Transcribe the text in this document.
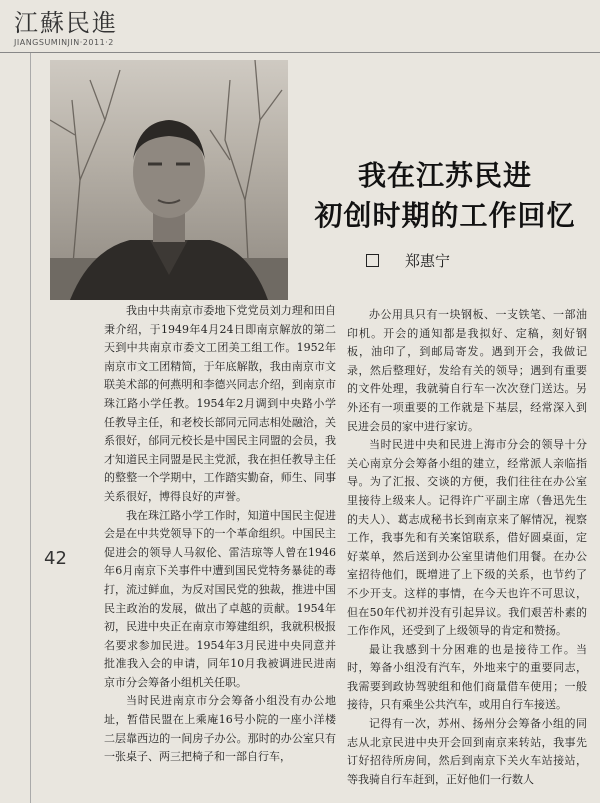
江蘇民進
JIANGSUMINJIN·2011·2
我在江苏民进
初创时期的工作回忆
郑惠宁

我由中共南京市委地下党党员刘力理和田自秉介绍，于1949年4月24日即南京解放的第二天到中共南京市委文工团美工组工作。1952年南京市文工团精简，于年底解散，我由南京市文联美术部的何燕明和李德兴同志介绍，到南京市珠江路小学任教。1954年2月调到中央路小学任教导主任，和老校长部同元同志相处融洽，关系很好，邰同元校长是中国民主同盟的会员，我才知道民主同盟是民主党派，我在担任教导主任的整整一个学期中，工作踏实勤奋，师生、同事关系很好，博得良好的声誉。

我在珠江路小学工作时，知道中国民主促进会是在中共党领导下的一个革命组织。中国民主促进会的领导人马叙伦、雷洁琼等人曾在1946年6月南京下关事件中遭到国民党特务暴徒的毒打，流过鲜血，为反对国民党的独裁，推进中国民主政治的发展，做出了卓越的贡献。1954年初，民进中央正在南京市筹建组织，我就积极报名要求参加民进。1954年3月民进中央同意并批准我入会的申请，同年10月我被调进民进南京市分会筹备小组机关任职。

当时民进南京市分会筹备小组没有办公地址，暂借民盟在上乘庵16号小院的一座小洋楼二层靠西边的一间房子办公。那时的办公室只有一张桌子、两三把椅子和一部自行车，

办公用具只有一块钢板、一支铁笔、一部油印机。开会的通知都是我拟好、定稿，刻好钢板，油印了，到邮局寄发。遇到开会，我做记录，然后整理好，发给有关的领导；遇到有重要的文件处理，我就骑自行车一次次登门送达。另外还有一项重要的工作就是下基层，经常深入到民进会员的家中进行家访。

当时民进中央和民进上海市分会的领导十分关心南京分会筹备小组的建立，经常派人亲临指导。为了汇报、交谈的方便，我们往往在办公室里接待上级来人。记得许广平副主席（鲁迅先生的夫人）、葛志成秘书长到南京来了解情况，视察工作，我事先和有关案馆联系，借好圆桌面，定好菜单，然后送到办公室里请他们用餐。在办公室招待他们，既增进了上下级的关系，也节约了不少开支。这样的事情，在今天也许不可思议，但在50年代初并没有引起异议。我们艰苦朴素的工作作风，还受到了上级领导的肯定和赞扬。

最让我感到十分困难的也是接待工作。当时，筹备小组没有汽车，外地来宁的重要同志，我需要到政协驾驶组和他们商量借车使用；一般接待，只有乘坐公共汽车，或用自行车接送。

记得有一次，苏州、扬州分会筹备小组的同志从北京民进中央开会回到南京来转站，我事先订好招待所房间，然后到南京下关火车站接站，等我骑自行车赶到，正好他们一行数人

42
